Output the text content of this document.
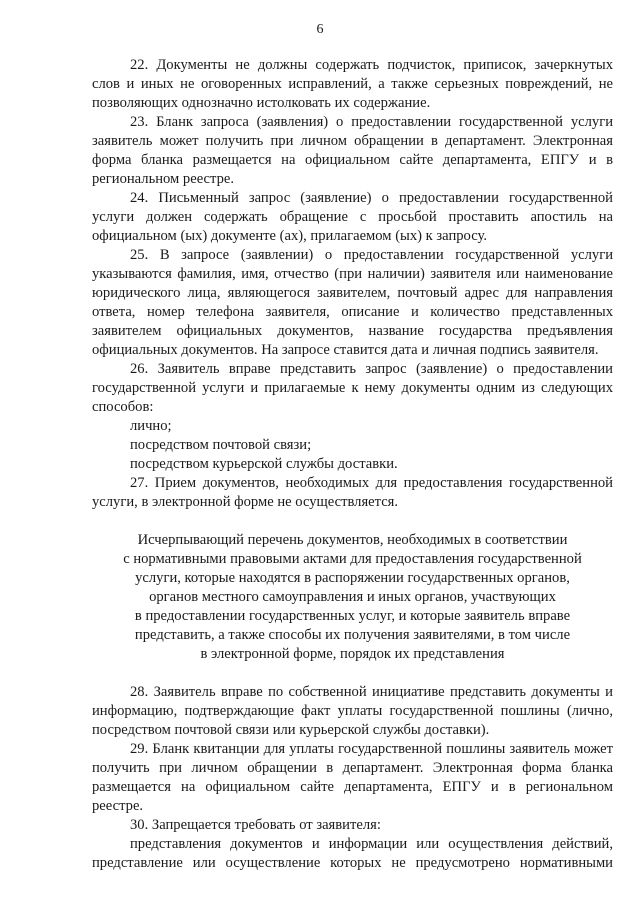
6

22. Документы не должны содержать подчисток, приписок, зачеркнутых слов и иных не оговоренных исправлений, а также серьезных повреждений, не позволяющих однозначно истолковать их содержание.

23. Бланк запроса (заявления) о предоставлении государственной услуги заявитель может получить при личном обращении в департамент. Электронная форма бланка размещается на официальном сайте департамента, ЕПГУ и в региональном реестре.

24. Письменный запрос (заявление) о предоставлении государственной услуги должен содержать обращение с просьбой проставить апостиль на официальном (ых) документе (ах), прилагаемом (ых) к запросу.

25. В запросе (заявлении) о предоставлении государственной услуги указываются фамилия, имя, отчество (при наличии) заявителя или наименование юридического лица, являющегося заявителем, почтовый адрес для направления ответа, номер телефона заявителя, описание и количество представленных заявителем официальных документов, название государства предъявления официальных документов. На запросе ставится дата и личная подпись заявителя.

26. Заявитель вправе представить запрос (заявление) о предоставлении государственной услуги и прилагаемые к нему документы одним из следующих способов:

лично;

посредством почтовой связи;

посредством курьерской службы доставки.

27. Прием документов, необходимых для предоставления государственной услуги, в электронной форме не осуществляется.

Исчерпывающий перечень документов, необходимых в соответствии
с нормативными правовыми актами для предоставления государственной
услуги, которые находятся в распоряжении государственных органов,
органов местного самоуправления и иных органов, участвующих
в предоставлении государственных услуг, и которые заявитель вправе
представить, а также способы их получения заявителями, в том числе
в электронной форме, порядок их представления

28. Заявитель вправе по собственной инициативе представить документы и информацию, подтверждающие факт уплаты государственной пошлины (лично, посредством почтовой связи или курьерской службы доставки).

29. Бланк квитанции для уплаты государственной пошлины заявитель может получить при личном обращении в департамент. Электронная форма бланка размещается на официальном сайте департамента, ЕПГУ и в региональном реестре.

30. Запрещается требовать от заявителя:

представления документов и информации или осуществления действий, представление или осуществление которых не предусмотрено нормативными
